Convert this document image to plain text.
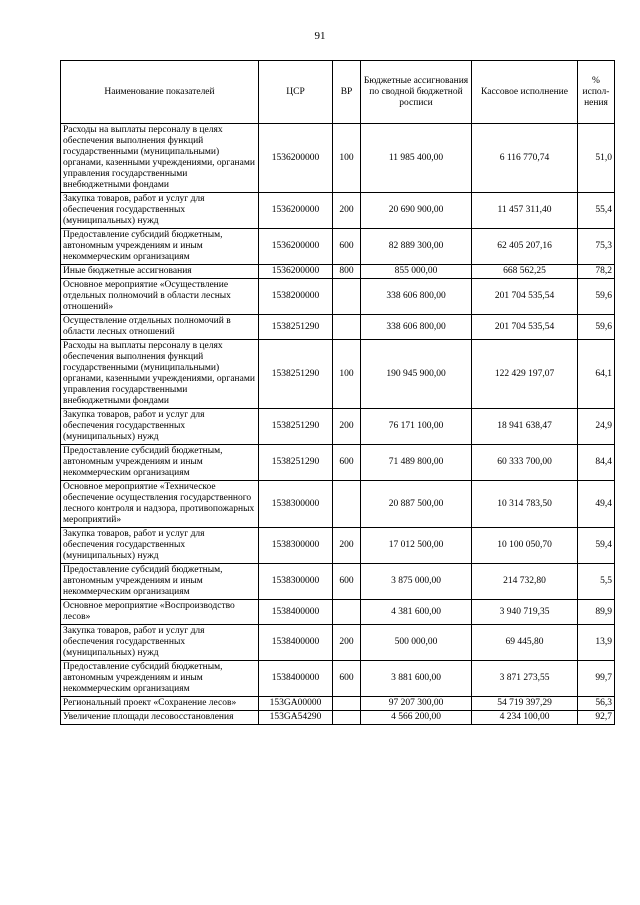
91
Наименование показателей	ЦСР	ВР	Бюджетные ассигнования по сводной бюджетной росписи	Кассовое исполнение	% испол-нения
Расходы на выплаты персоналу в целях обеспечения выполнения функций государственными (муниципальными) органами, казенными учреждениями, органами управления государственными внебюджетными фондами	1536200000	100	11 985 400,00	6 116 770,74	51,0
Закупка товаров, работ и услуг для обеспечения государственных (муниципальных) нужд	1536200000	200	20 690 900,00	11 457 311,40	55,4
Предоставление субсидий бюджетным, автономным учреждениям и иным некоммерческим организациям	1536200000	600	82 889 300,00	62 405 207,16	75,3
Иные бюджетные ассигнования	1536200000	800	855 000,00	668 562,25	78,2
Основное мероприятие «Осуществление отдельных полномочий в области лесных отношений»	1538200000		338 606 800,00	201 704 535,54	59,6
Осуществление отдельных полномочий в области лесных отношений	1538251290		338 606 800,00	201 704 535,54	59,6
Расходы на выплаты персоналу в целях обеспечения выполнения функций государственными (муниципальными) органами, казенными учреждениями, органами управления государственными внебюджетными фондами	1538251290	100	190 945 900,00	122 429 197,07	64,1
Закупка товаров, работ и услуг для обеспечения государственных (муниципальных) нужд	1538251290	200	76 171 100,00	18 941 638,47	24,9
Предоставление субсидий бюджетным, автономным учреждениям и иным некоммерческим организациям	1538251290	600	71 489 800,00	60 333 700,00	84,4
Основное мероприятие «Техническое обеспечение осуществления государственного лесного контроля и надзора, противопожарных мероприятий»	1538300000		20 887 500,00	10 314 783,50	49,4
Закупка товаров, работ и услуг для обеспечения государственных (муниципальных) нужд	1538300000	200	17 012 500,00	10 100 050,70	59,4
Предоставление субсидий бюджетным, автономным учреждениям и иным некоммерческим организациям	1538300000	600	3 875 000,00	214 732,80	5,5
Основное мероприятие «Воспроизводство лесов»	1538400000		4 381 600,00	3 940 719,35	89,9
Закупка товаров, работ и услуг для обеспечения государственных (муниципальных) нужд	1538400000	200	500 000,00	69 445,80	13,9
Предоставление субсидий бюджетным, автономным учреждениям и иным некоммерческим организациям	1538400000	600	3 881 600,00	3 871 273,55	99,7
Региональный проект «Сохранение лесов»	153GA00000		97 207 300,00	54 719 397,29	56,3
Увеличение площади лесовосстановления	153GA54290		4 566 200,00	4 234 100,00	92,7
